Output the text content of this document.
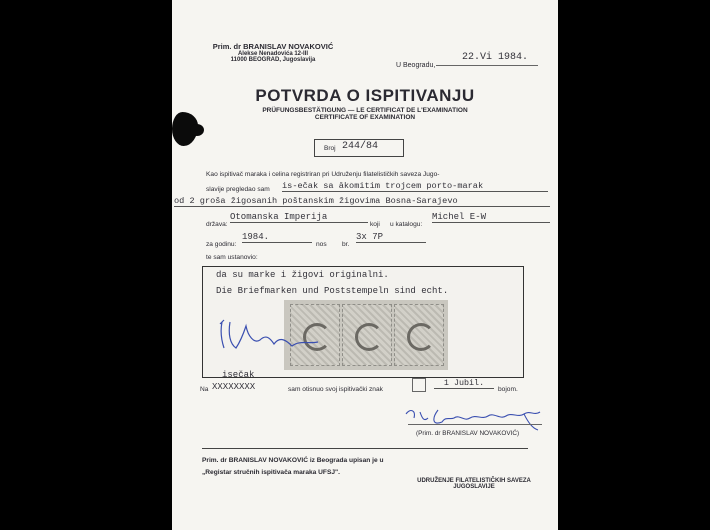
Prim. dr BRANISLAV NOVAKOVIĆ
Alekse Nenadovića 12-III
11000 BEOGRAD, Jugoslavija
U Beogradu,
22.Vi 1984.
POTVRDA O ISPITIVANJU
PRÜFUNGSBESTÄTIGUNG — LE CERTIFICAT DE L'EXAMINATION
CERTIFICATE OF EXAMINATION
Broj 244/84
Kao ispitivač maraka i celina registriran pri Udruženju filatelističkih saveza Jugo-
slavije pregledao sam is-ečak sa ākomitim trojcem porto-marak
od 2 groša žigosanih poštanskim žigovima Bosna-Sarajevo
država:
Otomanska Imperija
koji u katalogu:
Michel E-W
za godinu:
1984.
nos br.
3x 7P
te sam ustanovio:
da su marke i žigovi originalni.
Die Briefmarken und Poststempeln sind echt.
Na
isečak
XXXXXXXX	sam otisnuo svoj ispitivački znak
1 Jubil.
bojom.
(Prim. dr BRANISLAV NOVAKOVIĆ)
Prim. dr BRANISLAV NOVAKOVIĆ iz Beograda upisan je u „Registar stručnih ispitivača maraka UFSJ".
UDRUŽENJE FILATELISTIČKIH SAVEZA
JUGOSLAVIJE
